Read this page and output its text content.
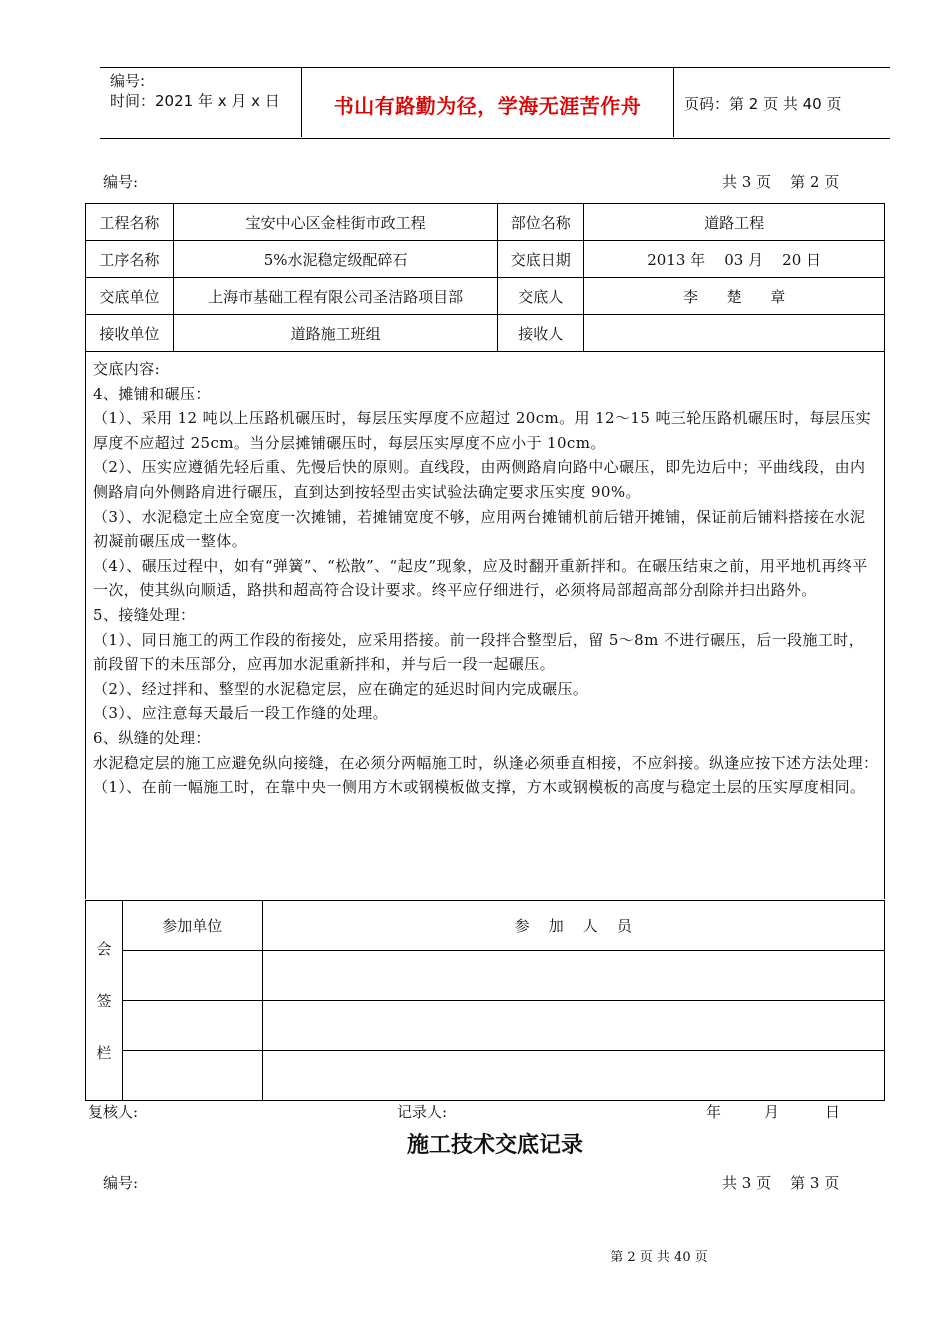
编号:
时间：2021 年 x 月 x 日	书山有路勤为径，学海无涯苦作舟	页码：第 2 页 共 40 页
编号:	共 3 页    第 2 页
工程名称	宝安中心区金桂街市政工程	部位名称	道路工程
工序名称	5%水泥稳定级配碎石	交底日期	2013 年    03 月    20 日
交底单位	上海市基础工程有限公司圣洁路项目部	交底人	李      楚      章
接收单位	道路施工班组	接收人	

交底内容:

4、摊铺和碾压：

（1）、采用 12 吨以上压路机碾压时，每层压实厚度不应超过 20cm。用 12～15 吨三轮压路机碾压时，每层压实厚度不应超过 25cm。当分层摊铺碾压时，每层压实厚度不应小于 10cm。

（2）、压实应遵循先轻后重、先慢后快的原则。直线段，由两侧路肩向路中心碾压，即先边后中；平曲线段，由内侧路肩向外侧路肩进行碾压，直到达到按轻型击实试验法确定要求压实度 90%。

（3）、水泥稳定土应全宽度一次摊铺，若摊铺宽度不够，应用两台摊铺机前后错开摊铺，保证前后铺料搭接在水泥初凝前碾压成一整体。

（4）、碾压过程中，如有“弹簧”、“松散”、“起皮”现象，应及时翻开重新拌和。在碾压结束之前，用平地机再终平一次，使其纵向顺适，路拱和超高符合设计要求。终平应仔细进行，必须将局部超高部分刮除并扫出路外。

5、接缝处理：

（1）、同日施工的两工作段的衔接处，应采用搭接。前一段拌合整型后，留 5～8m 不进行碾压，后一段施工时，前段留下的未压部分，应再加水泥重新拌和，并与后一段一起碾压。

（2）、经过拌和、整型的水泥稳定层，应在确定的延迟时间内完成碾压。

（3）、应注意每天最后一段工作缝的处理。

6、纵缝的处理：

水泥稳定层的施工应避免纵向接缝，在必须分两幅施工时，纵逢必须垂直相接，不应斜接。纵逢应按下述方法处理：

（1）、在前一幅施工时，在靠中央一侧用方木或钢模板做支撑，方木或钢模板的高度与稳定土层的压实厚度相同。

会
签
栏	参加单位	参    加    人    员

复核人:	记录人:	年	月	日
施工技术交底记录
编号:	共 3 页    第 3 页
第 2 页 共 40 页
